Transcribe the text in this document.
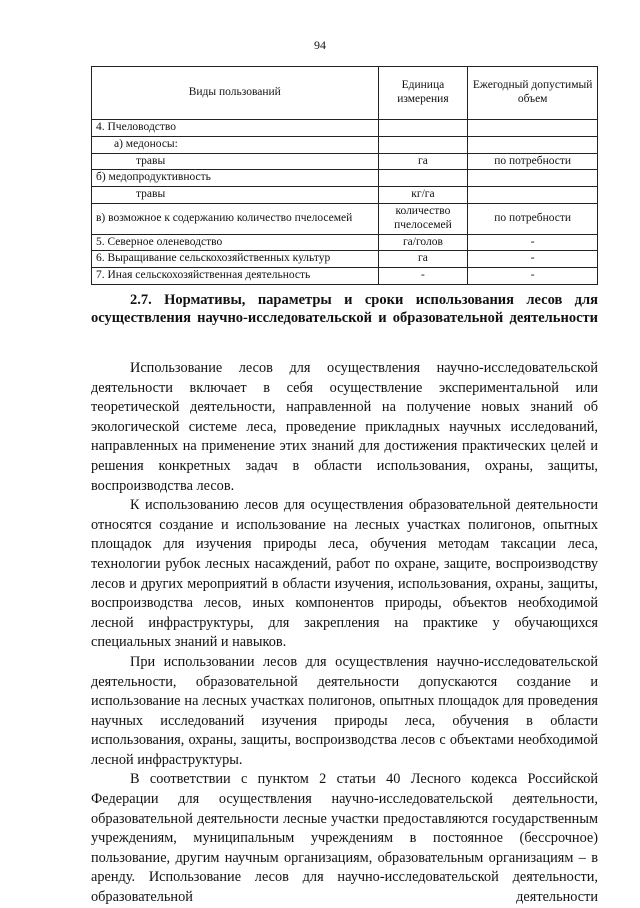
94
Виды пользований	Единица измерения	Ежегодный допустимый объем
4. Пчеловодство		
а) медоносы:		
травы	га	по потребности
б) медопродуктивность		
травы	кг/га	
в) возможное к содержанию количество пчелосемей	количество пчелосемей	по потребности
5. Северное оленеводство	га/голов	-
6. Выращивание сельскохозяйственных культур	га	-
7. Иная сельскохозяйственная деятельность	-	-
2.7. Нормативы, параметры и сроки использования лесов для осуществления научно-исследовательской и образовательной деятельности

Использование лесов для осуществления научно-исследовательской деятельности включает в себя осуществление экспериментальной или теоретической деятельности, направленной на получение новых знаний об экологической системе леса, проведение прикладных научных исследований, направленных на применение этих знаний для достижения практических целей и решения конкретных задач в области использования, охраны, защиты, воспроизводства лесов.

К использованию лесов для осуществления образовательной деятельности относятся создание и использование на лесных участках полигонов, опытных площадок для изучения природы леса, обучения методам таксации леса, технологии рубок лесных насаждений, работ по охране, защите, воспроизводству лесов и других мероприятий в области изучения, использования, охраны, защиты, воспроизводства лесов, иных компонентов природы, объектов необходимой лесной инфраструктуры, для закрепления на практике у обучающихся специальных знаний и навыков.

При использовании лесов для осуществления научно-исследовательской деятельности, образовательной деятельности допускаются создание и использование на лесных участках полигонов, опытных площадок для проведения научных исследований изучения природы леса, обучения в области использования, охраны, защиты, воспроизводства лесов с объектами необходимой лесной инфраструктуры.

В соответствии с пунктом 2 статьи 40 Лесного кодекса Российской Федерации для осуществления научно-исследовательской деятельности, образовательной деятельности лесные участки предоставляются государственным учреждениям, муниципальным учреждениям в постоянное (бессрочное) пользование, другим научным организациям, образовательным организациям – в аренду. Использование лесов для научно-исследовательской деятельности, образовательной деятельности
